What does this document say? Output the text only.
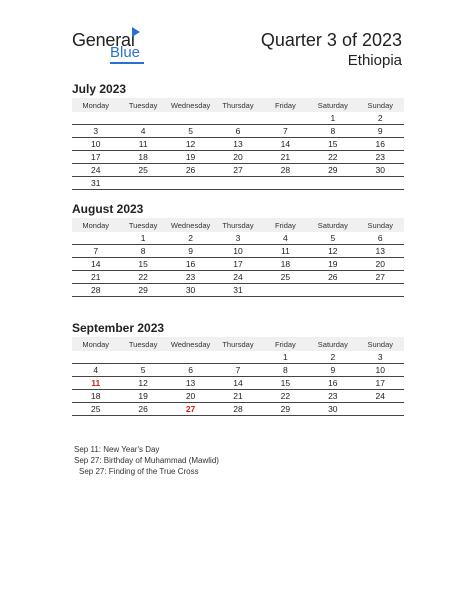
General
Blue
Quarter 3 of 2023
Ethiopia
July 2023
Monday	Tuesday	Wednesday	Thursday	Friday	Saturday	Sunday
					1	2
3	4	5	6	7	8	9
10	11	12	13	14	15	16
17	18	19	20	21	22	23
24	25	26	27	28	29	30
31						
August 2023
Monday	Tuesday	Wednesday	Thursday	Friday	Saturday	Sunday
	1	2	3	4	5	6
7	8	9	10	11	12	13
14	15	16	17	18	19	20
21	22	23	24	25	26	27
28	29	30	31			
September 2023
Monday	Tuesday	Wednesday	Thursday	Friday	Saturday	Sunday
				1	2	3
4	5	6	7	8	9	10
11	12	13	14	15	16	17
18	19	20	21	22	23	24
25	26	27	28	29	30	
Sep 11: New Year's Day
Sep 27: Birthday of Muhammad (Mawlid)
Sep 27: Finding of the True Cross
